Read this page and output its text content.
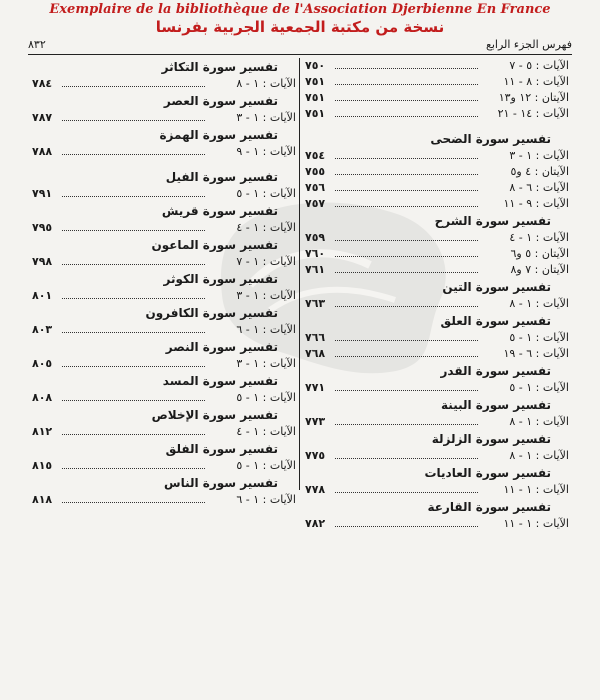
Exemplaire de la bibliothèque de l'Association Djerbienne En France
نسخة من مكتبة الجمعية الجربية بفرنسا
٨٣٢	فهرس الجزء الرابع
الآيات : ٥ - ٧
٧٥٠
الآيات : ٨ - ١١
٧٥١
الآيتان : ١٢ و١٣
٧٥١
الآيات : ١٤ - ٢١
٧٥١
تفسير سورة الضحى
الآيات : ١ - ٣
٧٥٤
الآيتان : ٤ و٥
٧٥٥
الآيات : ٦ - ٨
٧٥٦
الآيات : ٩ - ١١
٧٥٧
تفسير سورة الشرح
الآيات : ١ - ٤
٧٥٩
الآيتان : ٥ و٦
٧٦٠
الآيتان : ٧ و٨
٧٦١
تفسير سورة التين
الآيات : ١ - ٨
٧٦٣
تفسير سورة العلق
الآيات : ١ - ٥
٧٦٦
الآيات : ٦ - ١٩
٧٦٨
تفسير سورة القدر
الآيات : ١ - ٥
٧٧١
تفسير سورة البينة
الآيات : ١ - ٨
٧٧٣
تفسير سورة الزلزلة
الآيات : ١ - ٨
٧٧٥
تفسير سورة العاديات
الآيات : ١ - ١١
٧٧٨
تفسير سورة القارعة
الآيات : ١ - ١١
٧٨٢
تفسير سورة التكاثر
الآيات : ١ - ٨
٧٨٤
تفسير سورة العصر
الآيات : ١ - ٣
٧٨٧
تفسير سورة الهمزة
الآيات : ١ - ٩
٧٨٨
تفسير سورة الفيل
الآيات : ١ - ٥
٧٩١
تفسير سورة قريش
الآيات : ١ - ٤
٧٩٥
تفسير سورة الماعون
الآيات : ١ - ٧
٧٩٨
تفسير سورة الكوثر
الآيات : ١ - ٣
٨٠١
تفسير سورة الكافرون
الآيات : ١ - ٦
٨٠٣
تفسير سورة النصر
الآيات : ١ - ٣
٨٠٥
تفسير سورة المسد
الآيات : ١ - ٥
٨٠٨
تفسير سورة الإخلاص
الآيات : ١ - ٤
٨١٢
تفسير سورة الفلق
الآيات : ١ - ٥
٨١٥
تفسير سورة الناس
الآيات : ١ - ٦
٨١٨
